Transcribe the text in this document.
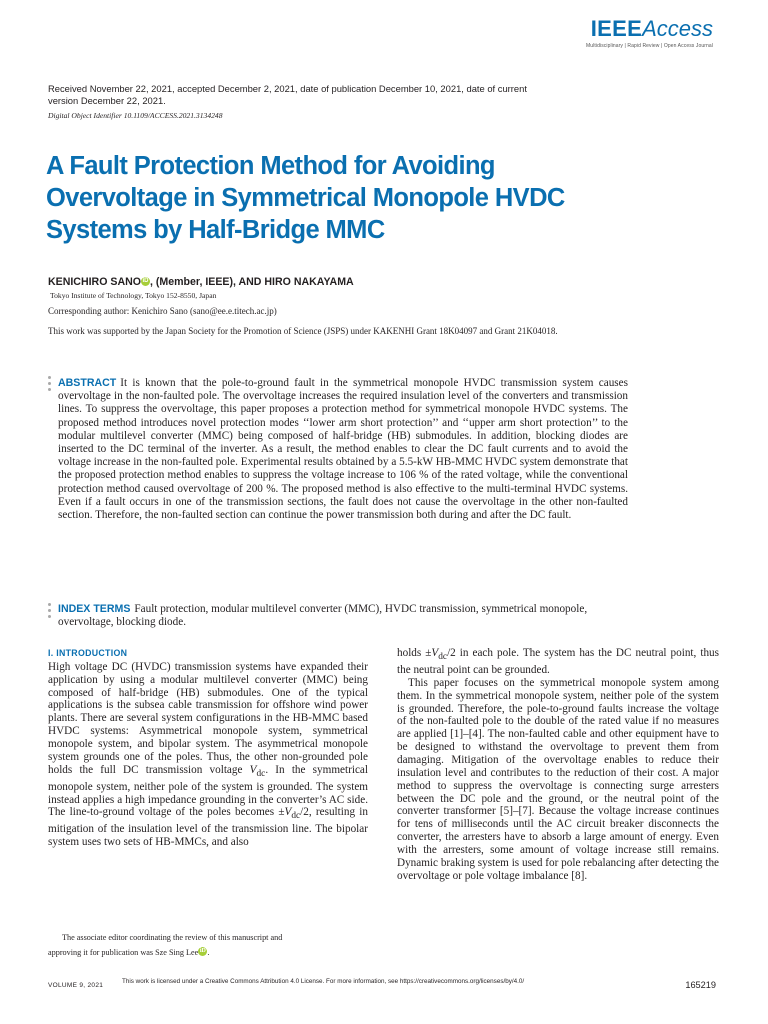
IEEEAccess
Multidisciplinary | Rapid Review | Open Access Journal
Received November 22, 2021, accepted December 2, 2021, date of publication December 10, 2021, date of current version December 22, 2021.
Digital Object Identifier 10.1109/ACCESS.2021.3134248
A Fault Protection Method for Avoiding Overvoltage in Symmetrical Monopole HVDC Systems by Half-Bridge MMC
KENICHIRO SANO iD , (Member, IEEE), AND HIRO NAKAYAMA
Tokyo Institute of Technology, Tokyo 152-8550, Japan
Corresponding author: Kenichiro Sano (sano@ee.e.titech.ac.jp)
This work was supported by the Japan Society for the Promotion of Science (JSPS) under KAKENHI Grant 18K04097 and Grant 21K04018.

ABSTRACT It is known that the pole-to-ground fault in the symmetrical monopole HVDC transmission system causes overvoltage in the non-faulted pole. The overvoltage increases the required insulation level of the converters and transmission lines. To suppress the overvoltage, this paper proposes a protection method for symmetrical monopole HVDC systems. The proposed method introduces novel protection modes ‘‘lower arm short protection’’ and ‘‘upper arm short protection’’ to the modular multilevel converter (MMC) being composed of half-bridge (HB) submodules. In addition, blocking diodes are inserted to the DC terminal of the inverter. As a result, the method enables to clear the DC fault currents and to avoid the voltage increase in the non-faulted pole. Experimental results obtained by a 5.5-kW HB-MMC HVDC system demonstrate that the proposed protection method enables to suppress the voltage increase to 106 % of the rated voltage, while the conventional protection method caused overvoltage of 200 %. The proposed method is also effective to the multi-terminal HVDC systems. Even if a fault occurs in one of the transmission sections, the fault does not cause the overvoltage in the other non-faulted section. Therefore, the non-faulted section can continue the power transmission both during and after the DC fault.

INDEX TERMS Fault protection, modular multilevel converter (MMC), HVDC transmission, symmetrical monopole, overvoltage, blocking diode.

I. INTRODUCTION

High voltage DC (HVDC) transmission systems have expanded their application by using a modular multilevel converter (MMC) being composed of half-bridge (HB) submodules. One of the typical applications is the subsea cable transmission for offshore wind power plants. There are several system configurations in the HB-MMC based HVDC systems: Asymmetrical monopole system, symmetrical monopole system, and bipolar system. The asymmetrical monopole system grounds one of the poles. Thus, the other non-grounded pole holds the full DC transmission voltage $V_{dc}$. In the symmetrical monopole system, neither pole of the system is grounded. The system instead applies a high impedance grounding in the converter’s AC side. The line-to-ground voltage of the poles becomes $\pm V_{dc}/2$, resulting in mitigation of the insulation level of the transmission line. The bipolar system uses two sets of HB-MMCs, and also

The associate editor coordinating the review of this manuscript and
approving it for publication was Sze Sing Lee iD .

holds $\pm V_{dc}/2$ in each pole. The system has the DC neutral point, thus the neutral point can be grounded.

This paper focuses on the symmetrical monopole system among them. In the symmetrical monopole system, neither pole of the system is grounded. Therefore, the pole-to-ground faults increase the voltage of the non-faulted pole to the double of the rated value if no measures are applied [1]–[4]. The non-faulted cable and other equipment have to be designed to withstand the overvoltage to prevent them from damaging. Mitigation of the overvoltage enables to reduce their insulation level and contributes to the reduction of their cost. A major method to suppress the overvoltage is connecting surge arresters between the DC pole and the ground, or the neutral point of the converter transformer [5]–[7]. Because the voltage increase continues for tens of milliseconds until the AC circuit breaker disconnects the converter, the arresters have to absorb a large amount of energy. Even with the arresters, some amount of voltage increase still remains. Dynamic braking system is used for pole rebalancing after detecting the overvoltage or pole voltage imbalance [8].

This work is licensed under a Creative Commons Attribution 4.0 License. For more information, see https://creativecommons.org/licenses/by/4.0/
VOLUME 9, 2021	165219
